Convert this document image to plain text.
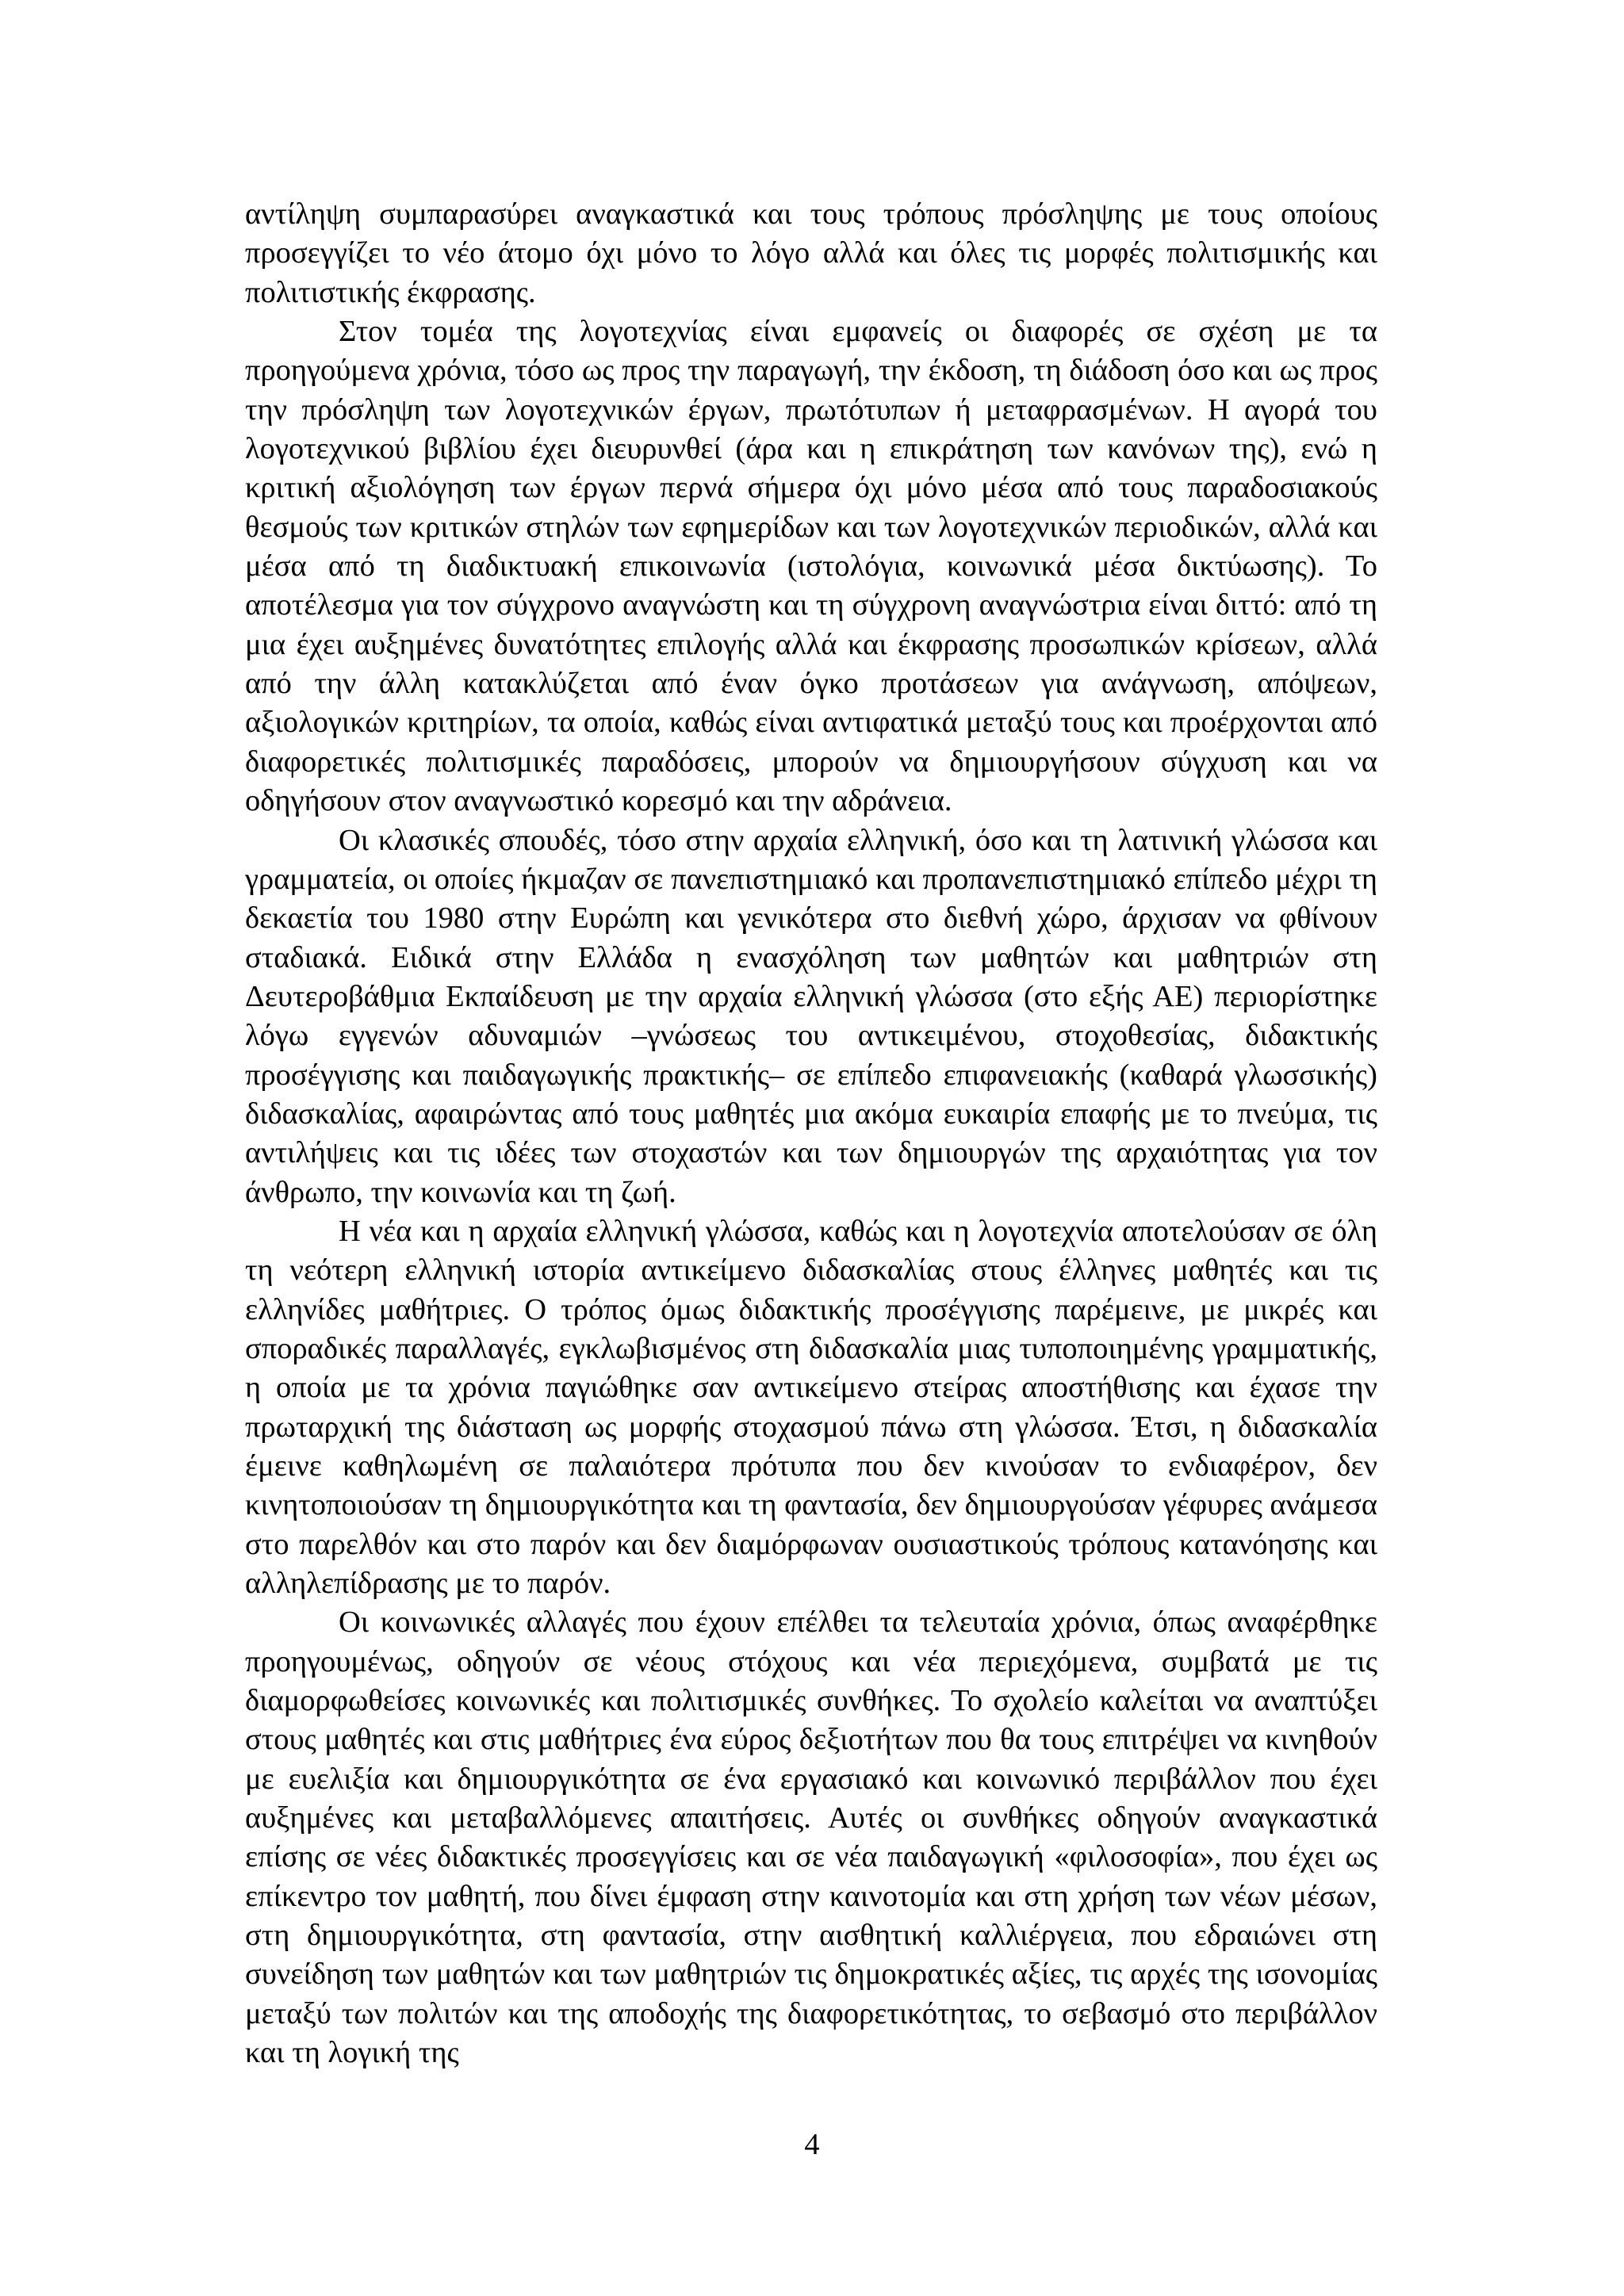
αντίληψη συμπαρασύρει αναγκαστικά και τους τρόπους πρόσληψης με τους οποίους προσεγγίζει το νέο άτομο όχι μόνο το λόγο αλλά και όλες τις μορφές πολιτισμικής και πολιτιστικής έκφρασης.

Στον τομέα της λογοτεχνίας είναι εμφανείς οι διαφορές σε σχέση με τα προηγούμενα χρόνια, τόσο ως προς την παραγωγή, την έκδοση, τη διάδοση όσο και ως προς την πρόσληψη των λογοτεχνικών έργων, πρωτότυπων ή μεταφρασμένων. Η αγορά του λογοτεχνικού βιβλίου έχει διευρυνθεί (άρα και η επικράτηση των κανόνων της), ενώ η κριτική αξιολόγηση των έργων περνά σήμερα όχι μόνο μέσα από τους παραδοσιακούς θεσμούς των κριτικών στηλών των εφημερίδων και των λογοτεχνικών περιοδικών, αλλά και μέσα από τη διαδικτυακή επικοινωνία (ιστολόγια, κοινωνικά μέσα δικτύωσης). Το αποτέλεσμα για τον σύγχρονο αναγνώστη και τη σύγχρονη αναγνώστρια είναι διττό: από τη μια έχει αυξημένες δυνατότητες επιλογής αλλά και έκφρασης προσωπικών κρίσεων, αλλά από την άλλη κατακλύζεται από έναν όγκο προτάσεων για ανάγνωση, απόψεων, αξιολογικών κριτηρίων, τα οποία, καθώς είναι αντιφατικά μεταξύ τους και προέρχονται από διαφορετικές πολιτισμικές παραδόσεις, μπορούν να δημιουργήσουν σύγχυση και να οδηγήσουν στον αναγνωστικό κορεσμό και την αδράνεια.

Οι κλασικές σπουδές, τόσο στην αρχαία ελληνική, όσο και τη λατινική γλώσσα και γραμματεία, οι οποίες ήκμαζαν σε πανεπιστημιακό και προπανεπιστημιακό επίπεδο μέχρι τη δεκαετία του 1980 στην Ευρώπη και γενικότερα στο διεθνή χώρο, άρχισαν να φθίνουν σταδιακά. Ειδικά στην Ελλάδα η ενασχόληση των μαθητών και μαθητριών στη Δευτεροβάθμια Εκπαίδευση με την αρχαία ελληνική γλώσσα (στο εξής ΑΕ) περιορίστηκε λόγω εγγενών αδυναμιών –γνώσεως του αντικειμένου, στοχοθεσίας, διδακτικής προσέγγισης και παιδαγωγικής πρακτικής– σε επίπεδο επιφανειακής (καθαρά γλωσσικής) διδασκαλίας, αφαιρώντας από τους μαθητές μια ακόμα ευκαιρία επαφής με το πνεύμα, τις αντιλήψεις και τις ιδέες των στοχαστών και των δημιουργών της αρχαιότητας για τον άνθρωπο, την κοινωνία και τη ζωή.

Η νέα και η αρχαία ελληνική γλώσσα, καθώς και η λογοτεχνία αποτελούσαν σε όλη τη νεότερη ελληνική ιστορία αντικείμενο διδασκαλίας στους έλληνες μαθητές και τις ελληνίδες μαθήτριες. Ο τρόπος όμως διδακτικής προσέγγισης παρέμεινε, με μικρές και σποραδικές παραλλαγές, εγκλωβισμένος στη διδασκαλία μιας τυποποιημένης γραμματικής, η οποία με τα χρόνια παγιώθηκε σαν αντικείμενο στείρας αποστήθισης και έχασε την πρωταρχική της διάσταση ως μορφής στοχασμού πάνω στη γλώσσα. Έτσι, η διδασκαλία έμεινε καθηλωμένη σε παλαιότερα πρότυπα που δεν κινούσαν το ενδιαφέρον, δεν κινητοποιούσαν τη δημιουργικότητα και τη φαντασία, δεν δημιουργούσαν γέφυρες ανάμεσα στο παρελθόν και στο παρόν και δεν διαμόρφωναν ουσιαστικούς τρόπους κατανόησης και αλληλεπίδρασης με το παρόν.

Οι κοινωνικές αλλαγές που έχουν επέλθει τα τελευταία χρόνια, όπως αναφέρθηκε προηγουμένως, οδηγούν σε νέους στόχους και νέα περιεχόμενα, συμβατά με τις διαμορφωθείσες κοινωνικές και πολιτισμικές συνθήκες. Το σχολείο καλείται να αναπτύξει στους μαθητές και στις μαθήτριες ένα εύρος δεξιοτήτων που θα τους επιτρέψει να κινηθούν με ευελιξία και δημιουργικότητα σε ένα εργασιακό και κοινωνικό περιβάλλον που έχει αυξημένες και μεταβαλλόμενες απαιτήσεις. Αυτές οι συνθήκες οδηγούν αναγκαστικά επίσης σε νέες διδακτικές προσεγγίσεις και σε νέα παιδαγωγική «φιλοσοφία», που έχει ως επίκεντρο τον μαθητή, που δίνει έμφαση στην καινοτομία και στη χρήση των νέων μέσων, στη δημιουργικότητα, στη φαντασία, στην αισθητική καλλιέργεια, που εδραιώνει στη συνείδηση των μαθητών και των μαθητριών τις δημοκρατικές αξίες, τις αρχές της ισονομίας μεταξύ των πολιτών και της αποδοχής της διαφορετικότητας, το σεβασμό στο περιβάλλον και τη λογική της

4
